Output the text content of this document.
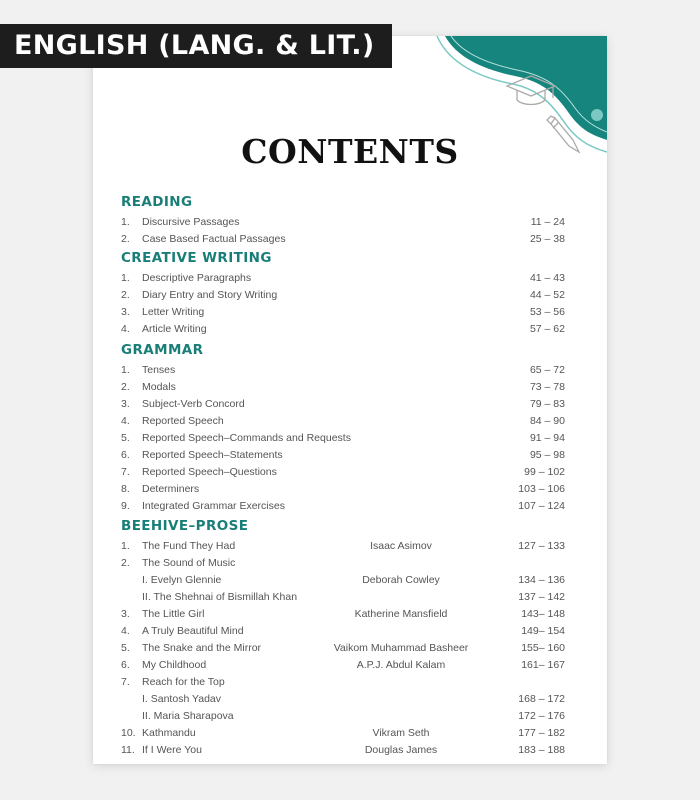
ENGLISH (LANG. & LIT.)
CONTENTS
READING
1. Discursive Passages	11 – 24
2. Case Based Factual Passages	25 – 38
CREATIVE WRITING
1. Descriptive Paragraphs	41 – 43
2. Diary Entry and Story Writing	44 – 52
3. Letter Writing	53 – 56
4. Article Writing	57 – 62
GRAMMAR
1. Tenses	65 – 72
2. Modals	73 – 78
3. Subject-Verb Concord	79 – 83
4. Reported Speech	84 – 90
5. Reported Speech–Commands and Requests	91 – 94
6. Reported Speech–Statements	95 – 98
7. Reported Speech–Questions	99 – 102
8. Determiners	103 – 106
9. Integrated Grammar Exercises	107 – 124
BEEHIVE–PROSE
1. The Fund They Had	Isaac Asimov	127 – 133
2. The Sound of Music
I. Evelyn Glennie	Deborah Cowley	134 – 136
II. The Shehnai of Bismillah Khan	137 – 142
3. The Little Girl	Katherine Mansfield	143– 148
4. A Truly Beautiful Mind	149– 154
5. The Snake and the Mirror	Vaikom Muhammad Basheer	155– 160
6. My Childhood	A.P.J. Abdul Kalam	161– 167
7. Reach for the Top
I. Santosh Yadav	168 – 172
II. Maria Sharapova	172 – 176
10. Kathmandu	Vikram Seth	177 – 182
11. If I Were You	Douglas James	183 – 188
